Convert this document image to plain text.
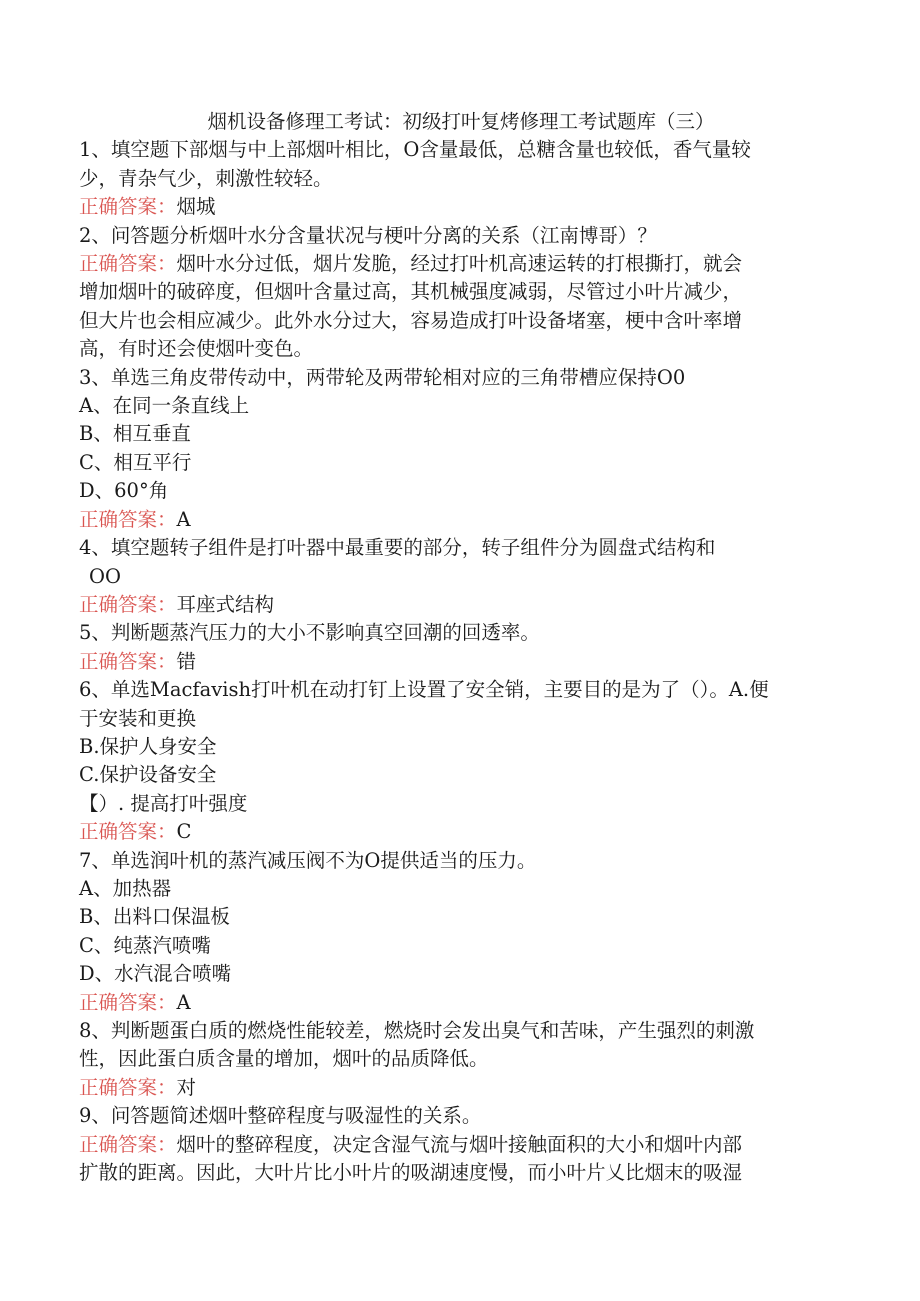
烟机设备修理工考试：初级打叶复烤修理工考试题库（三）
1、填空题下部烟与中上部烟叶相比，O含量最低，总糖含量也较低，香气量较
少，青杂气少，刺激性较轻。
正确答案：烟城
2、问答题分析烟叶水分含量状况与梗叶分离的关系（江南博哥）？
正确答案：烟叶水分过低，烟片发脆，经过打叶机高速运转的打根撕打，就会
增加烟叶的破碎度，但烟叶含量过高，其机械强度减弱，尽管过小叶片减少，
但大片也会相应减少。此外水分过大，容易造成打叶设备堵塞，梗中含叶率增
高，有时还会使烟叶变色。
3、单选三角皮带传动中，两带轮及两带轮相对应的三角带槽应保持O0
A、在同一条直线上
B、相互垂直
C、相互平行
D、60°角
正确答案：A
4、填空题转子组件是打叶器中最重要的部分，转子组件分为圆盘式结构和
OO
正确答案：耳座式结构
5、判断题蒸汽压力的大小不影响真空回潮的回透率。
正确答案：错
6、单选Macfavish打叶机在动打钉上设置了安全销，主要目的是为了（）。A.便
于安装和更换
B.保护人身安全
C.保护设备安全
【）. 提高打叶强度
正确答案：C
7、单选润叶机的蒸汽减压阀不为O提供适当的压力。
A、加热器
B、出料口保温板
C、纯蒸汽喷嘴
D、水汽混合喷嘴
正确答案：A
8、判断题蛋白质的燃烧性能较差，燃烧时会发出臭气和苦味，产生强烈的刺激
性，因此蛋白质含量的增加，烟叶的品质降低。
正确答案：对
9、问答题简述烟叶整碎程度与吸湿性的关系。
正确答案：烟叶的整碎程度，决定含湿气流与烟叶接触面积的大小和烟叶内部
扩散的距离。因此，大叶片比小叶片的吸湖速度慢，而小叶片乂比烟末的吸湿
